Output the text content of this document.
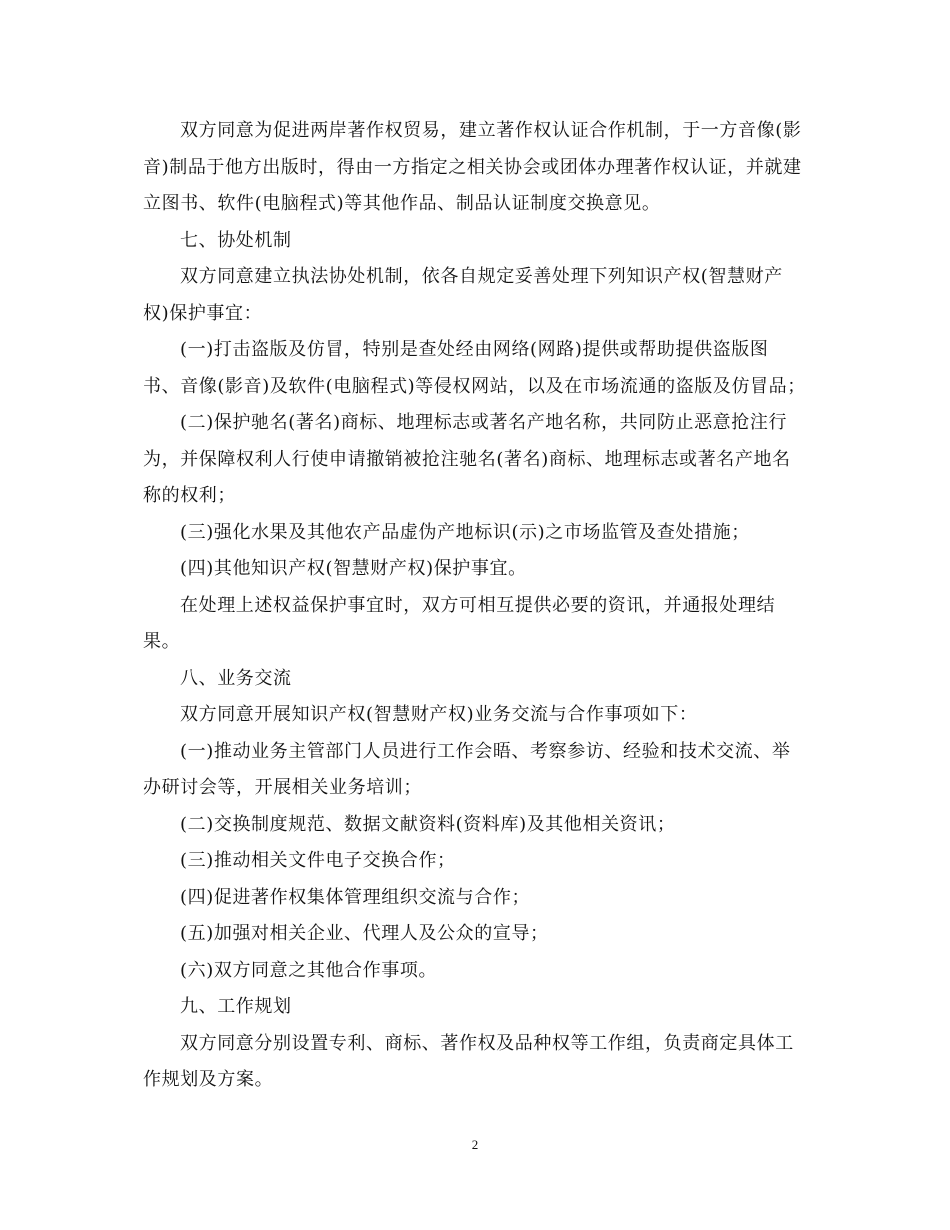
双方同意为促进两岸著作权贸易，建立著作权认证合作机制，于一方音像(影
音)制品于他方出版时，得由一方指定之相关协会或团体办理著作权认证，并就建
立图书、软件(电脑程式)等其他作品、制品认证制度交换意见。
七、协处机制
双方同意建立执法协处机制，依各自规定妥善处理下列知识产权(智慧财产
权)保护事宜：
(一)打击盗版及仿冒，特别是查处经由网络(网路)提供或帮助提供盗版图
书、音像(影音)及软件(电脑程式)等侵权网站，以及在市场流通的盗版及仿冒品；
(二)保护驰名(著名)商标、地理标志或著名产地名称，共同防止恶意抢注行
为，并保障权利人行使申请撤销被抢注驰名(著名)商标、地理标志或著名产地名
称的权利；
(三)强化水果及其他农产品虚伪产地标识(示)之市场监管及查处措施；
(四)其他知识产权(智慧财产权)保护事宜。
在处理上述权益保护事宜时，双方可相互提供必要的资讯，并通报处理结
果。
八、业务交流
双方同意开展知识产权(智慧财产权)业务交流与合作事项如下：
(一)推动业务主管部门人员进行工作会晤、考察参访、经验和技术交流、举
办研讨会等，开展相关业务培训；
(二)交换制度规范、数据文献资料(资料库)及其他相关资讯；
(三)推动相关文件电子交换合作；
(四)促进著作权集体管理组织交流与合作；
(五)加强对相关企业、代理人及公众的宣导；
(六)双方同意之其他合作事项。
九、工作规划
双方同意分别设置专利、商标、著作权及品种权等工作组，负责商定具体工
作规划及方案。
2
